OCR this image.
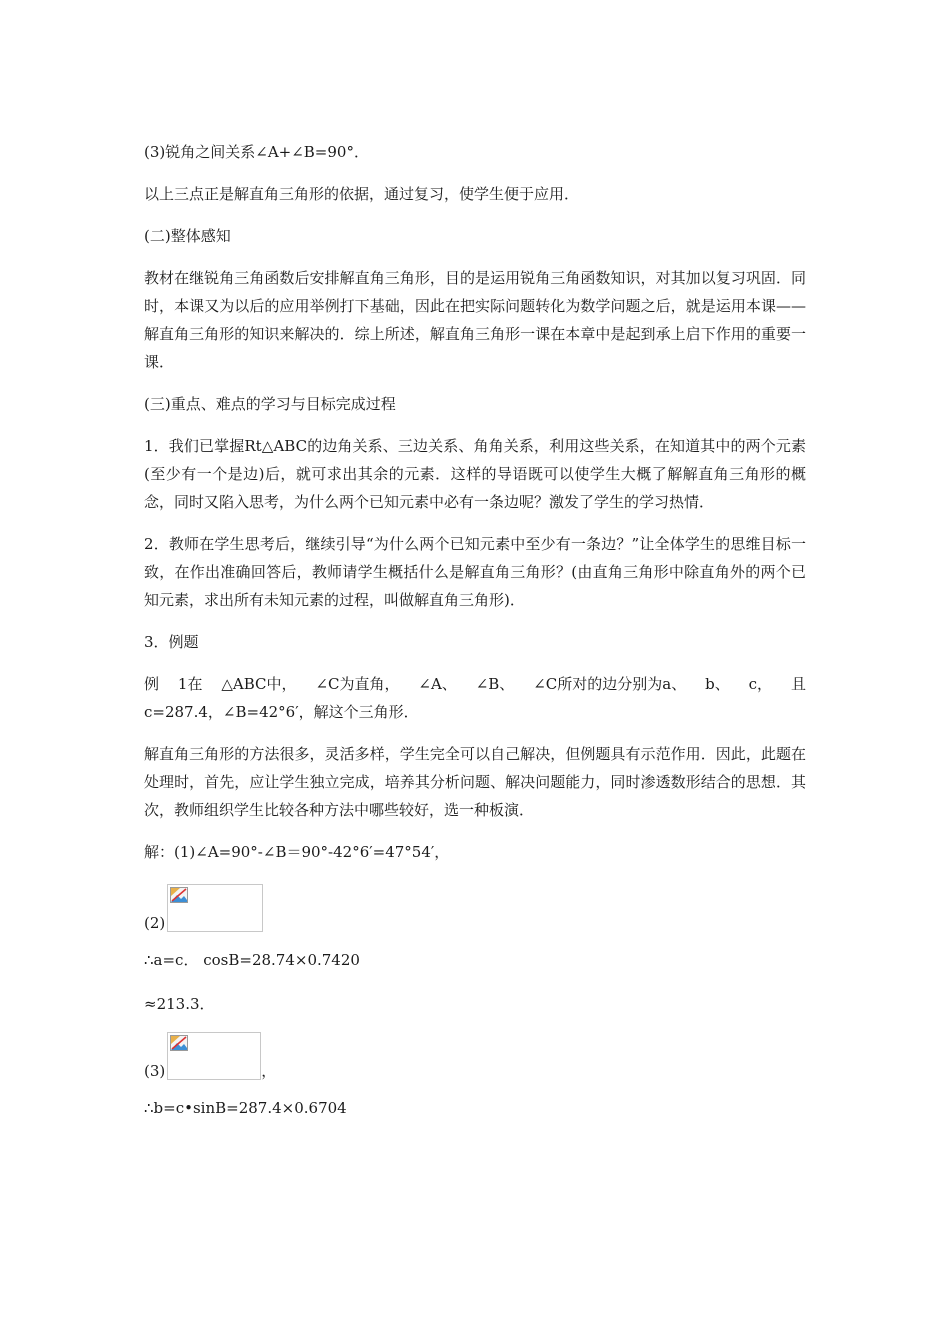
(3)锐角之间关系∠A+∠B=90°．

以上三点正是解直角三角形的依据，通过复习，使学生便于应用．

(二)整体感知

教材在继锐角三角函数后安排解直角三角形，目的是运用锐角三角函数知识，对其加以复习巩固．同时，本课又为以后的应用举例打下基础，因此在把实际问题转化为数学问题之后，就是运用本课——解直角三角形的知识来解决的．综上所述，解直角三角形一课在本章中是起到承上启下作用的重要一课．

(三)重点、难点的学习与目标完成过程

1．我们已掌握Rt△ABC的边角关系、三边关系、角角关系，利用这些关系，在知道其中的两个元素(至少有一个是边)后，就可求出其余的元素．这样的导语既可以使学生大概了解解直角三角形的概念，同时又陷入思考，为什么两个已知元素中必有一条边呢？激发了学生的学习热情．

2．教师在学生思考后，继续引导“为什么两个已知元素中至少有一条边？”让全体学生的思维目标一致，在作出准确回答后，教师请学生概括什么是解直角三角形？(由直角三角形中除直角外的两个已知元素，求出所有未知元素的过程，叫做解直角三角形)．

3．例题

例 1在 △ABC中， ∠C为直角， ∠A、 ∠B、 ∠C所对的边分别为a、 b、 c， 且
c=287.4，∠B=42°6′，解这个三角形．

解直角三角形的方法很多，灵活多样，学生完全可以自己解决，但例题具有示范作用．因此，此题在处理时，首先，应让学生独立完成，培养其分析问题、解决问题能力，同时渗透数形结合的思想．其次，教师组织学生比较各种方法中哪些较好，选一种板演．

解：(1)∠A=90°-∠B＝90°-42°6′=47°54′，

(2)

∴a=c． cosB=28.74×0.7420

≈213.3．

(3)	，

∴b=c•sinB=287.4×0.6704
